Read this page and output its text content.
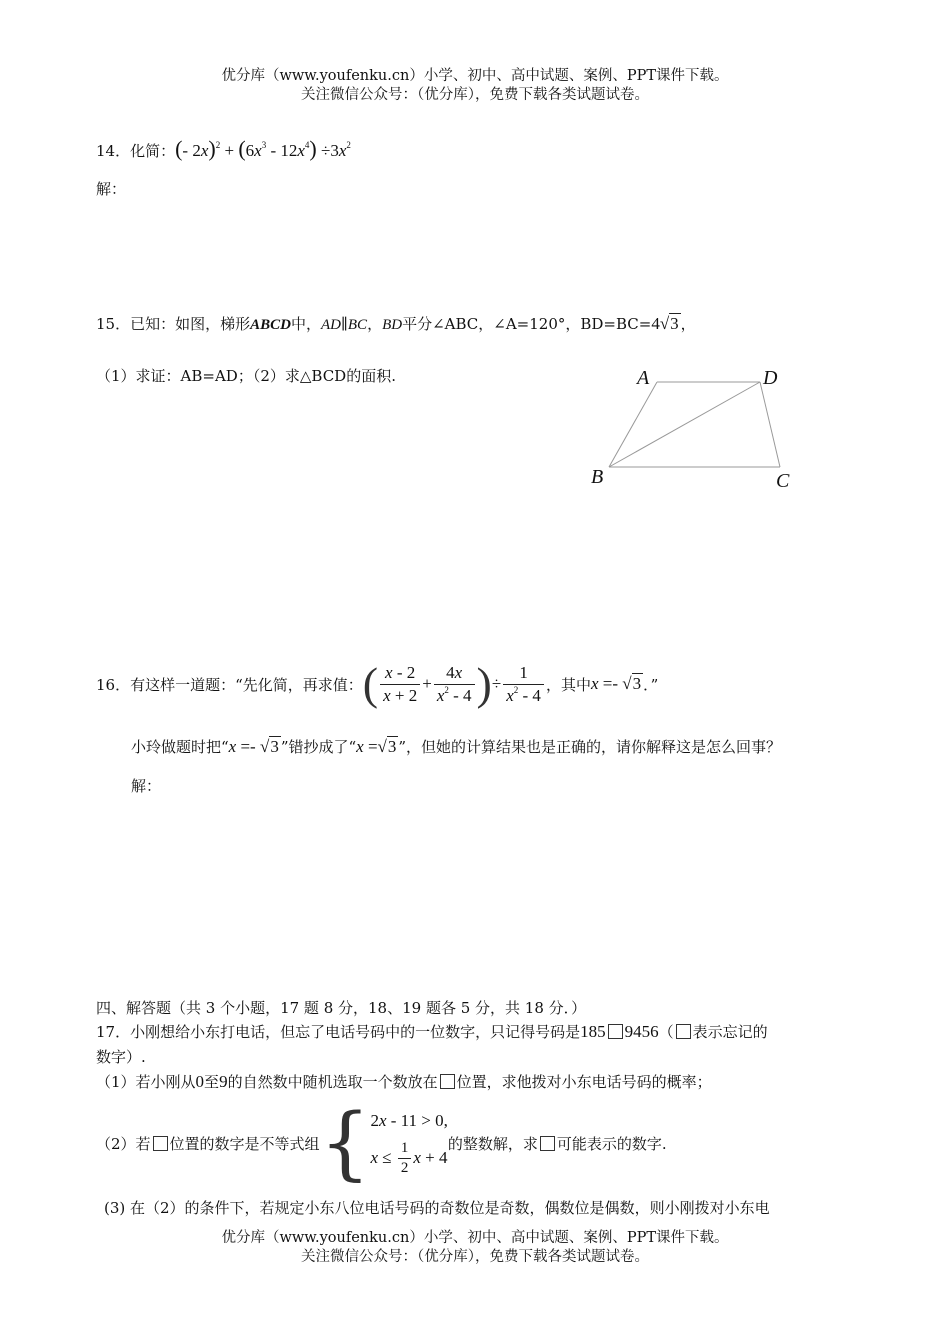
优分库（www.youfenku.cn）小学、初中、高中试题、案例、PPT课件下载。
关注微信公众号：（优分库），免费下载各类试题试卷。
14．化简：(- $2x)^2 + (6x^3 - 12x^4) \div 3x^2$
解：
15．已知：如图，梯形ABCD中，AD∥BC，BD平分∠ABC，∠A=120°，BD=BC=4√3 ，
（1）求证：AB=AD；（2）求△BCD的面积.	A	D
B	C
16．有这样一道题：“先化简，再求值： ( $\frac{x - 2}{x + 2} + \frac{4x}{x^2 - 4}$ ) ÷ $\frac{1}{x^2 - 4}$ ，其中 x =- √3 ．”
小玲做题时把“x =- √3 ”错抄成了“x =√3 ”，但她的计算结果也是正确的，请你解释这是怎么回事？
解：
四、解答题（共 3 个小题，17 题 8 分，18、19 题各 5 分，共 18 分．）
17．小刚想给小东打电话，但忘了电话号码中的一位数字，只记得号码是185 9456（ 表示忘记的
数字）.
（1）若小刚从0至9的自然数中随机选取一个数放在 位置，求他拨对小东电话号码的概率；
（2）若 位置的数字是不等式组 { 2x - 11 > 0,
$x \le \frac{1}{2}$ x + 4
的整数解，求 可能表示的数字.
(3) 在（2）的条件下，若规定小东八位电话号码的奇数位是奇数，偶数位是偶数，则小刚拨对小东电
优分库（www.youfenku.cn）小学、初中、高中试题、案例、PPT课件下载。
关注微信公众号：（优分库），免费下载各类试题试卷。
